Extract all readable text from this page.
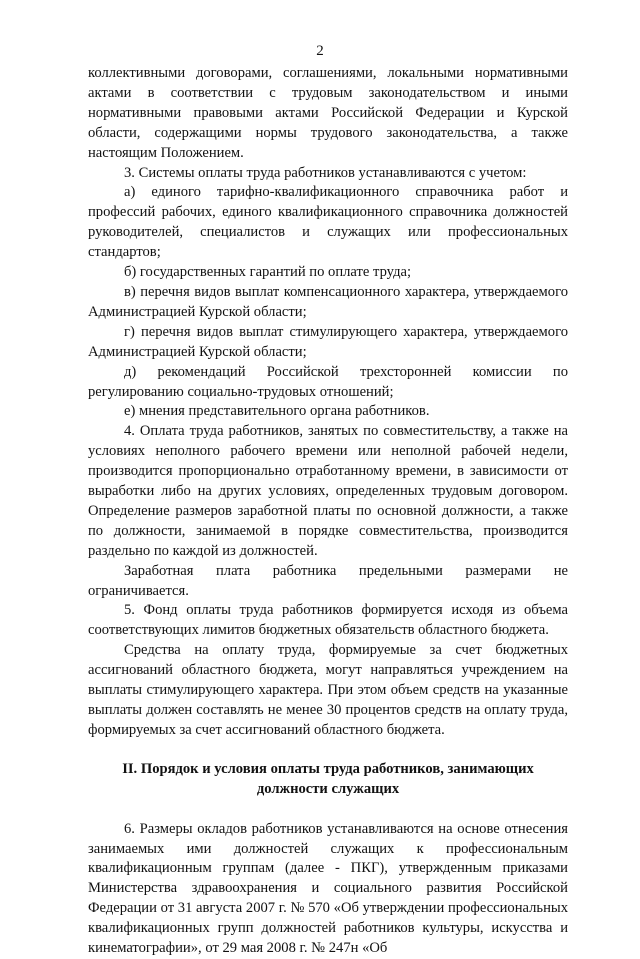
2

коллективными договорами, соглашениями, локальными нормативными актами в соответствии с трудовым законодательством и иными нормативными правовыми актами Российской Федерации и Курской области, содержащими нормы трудового законодательства, а также настоящим Положением.

3. Системы оплаты труда работников устанавливаются с учетом:

а) единого тарифно-квалификационного справочника работ и профессий рабочих, единого квалификационного справочника должностей руководителей, специалистов и служащих или профессиональных стандартов;

б) государственных гарантий по оплате труда;

в) перечня видов выплат компенсационного характера, утверждаемого Администрацией Курской области;

г) перечня видов выплат стимулирующего характера, утверждаемого Администрацией Курской области;

д) рекомендаций Российской трехсторонней комиссии по регулированию социально-трудовых отношений;

е) мнения представительного органа работников.

4. Оплата труда работников, занятых по совместительству, а также на условиях неполного рабочего времени или неполной рабочей недели, производится пропорционально отработанному времени, в зависимости от выработки либо на других условиях, определенных трудовым договором. Определение размеров заработной платы по основной должности, а также по должности, занимаемой в порядке совместительства, производится раздельно по каждой из должностей.

Заработная плата работника предельными размерами не ограничивается.

5. Фонд оплаты труда работников формируется исходя из объема соответствующих лимитов бюджетных обязательств областного бюджета.

Средства на оплату труда, формируемые за счет бюджетных ассигнований областного бюджета, могут направляться учреждением на выплаты стимулирующего характера. При этом объем средств на указанные выплаты должен составлять не менее 30 процентов средств на оплату труда, формируемых за счет ассигнований областного бюджета.

II. Порядок и условия оплаты труда работников, занимающих должности служащих

6. Размеры окладов работников устанавливаются на основе отнесения занимаемых ими должностей служащих к профессиональным квалификационным группам (далее - ПКГ), утвержденным приказами Министерства здравоохранения и социального развития Российской Федерации от 31 августа 2007 г. № 570 «Об утверждении профессиональных квалификационных групп должностей работников культуры, искусства и кинематографии», от 29 мая 2008 г. № 247н «Об
